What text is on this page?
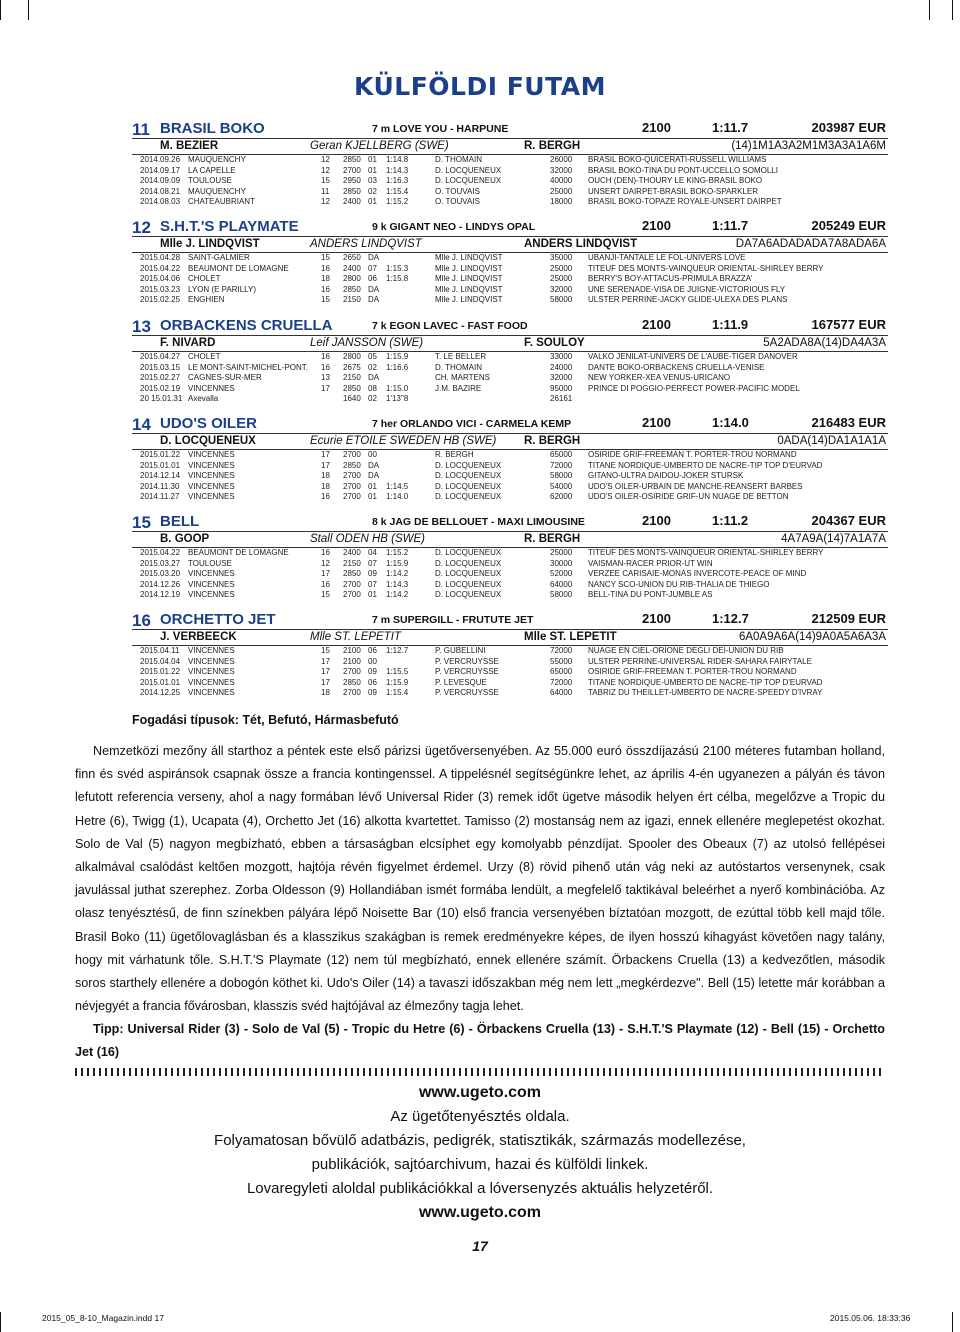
KÜLFÖLDI FUTAM
11 BRASIL BOKO	7 m LOVE YOU - HARPUNE	2100	1:11.7	203987 EUR
M. BEZIER	Geran KJELLBERG (SWE)	R. BERGH	(14)1M1A3A2M1M3A3A1A6M
2014.09.26 MAUQUENCHY	12 2850 01 1:14.8	D. THOMAIN	26000 BRASIL BOKO-QUICERATI-RUSSELL WILLIAMS
2014.09.17 LA CAPELLE	12 2700 01 1:14.3	D. LOCQUENEUX	32000 BRASIL BOKO-TINA DU PONT-UCCELLO SOMOLLI
2014.09.09 TOULOUSE	15 2950 03 1:16.3	D. LOCQUENEUX	40000 OUCH (DEN)-THOURY LE KING-BRASIL BOKO
2014.08.21 MAUQUENCHY	11 2850 02 1:15.4	O. TOUVAIS	25000 UNSERT DAIRPET-BRASIL BOKO-SPARKLER
2014.08.03 CHATEAUBRIANT	12 2400 01 1:15.2	O. TOUVAIS	18000 BRASIL BOKO-TOPAZE ROYALE-UNSERT DAIRPET
12 S.H.T.'S PLAYMATE	9 k GIGANT NEO - LINDYS OPAL	2100	1:11.7	205249 EUR
Mlle J. LINDQVIST	ANDERS LINDQVIST	ANDERS LINDQVIST	DA7A6ADADADA7A8ADA6A
2015.04.28 SAINT-GALMIER	15 2650 DA	Mlle J. LINDQVIST	35000 UBANJI-TANTALE LE FOL-UNIVERS LOVE
2015.04.22 BEAUMONT DE LOMAGNE	16 2400 07 1:15.3	Mlle J. LINDQVIST	25000 TITEUF DES MONTS-VAINQUEUR ORIENTAL-SHIRLEY BERRY
2015.04.06 CHOLET	18 2800 06 1:15.8	Mlle J. LINDQVIST	25000 BERRY'S BOY-ATTACUS-PRIMULA BRAZZA'
2015.03.23 LYON (E PARILLY)	16 2850 DA	Mlle J. LINDQVIST	32000 UNE SERENADE-VISA DE JUIGNE-VICTORIOUS FLY
2015.02.25 ENGHIEN	15 2150 DA	Mlle J. LINDQVIST	58000 ULSTER PERRINE-JACKY GLIDE-ULEXA DES PLANS
13 ORBACKENS CRUELLA	7 k EGON LAVEC - FAST FOOD	2100	1:11.9	167577 EUR
F. NIVARD	Leif JANSSON (SWE)	F. SOULOY	5A2ADA8A(14)DA4A3A
2015.04.27 CHOLET	16 2800 05 1:15.9	T. LE BELLER	33000 VALKO JENILAT-UNIVERS DE L'AUBE-TIGER DANOVER
2015.03.15 LE MONT-SAINT-MICHEL-PONT. 16 2675 02 1:16.6	D. THOMAIN	24000 DANTE BOKO-ORBACKENS CRUELLA-VENISE
2015.02.27 CAGNES-SUR-MER	13 2150 DA	CH. MARTENS	32000 NEW YORKER-XEA VENUS-URICANO
2015.02.19 VINCENNES	17 2850 08 1:15.0	J.M. BAZIRE	95000 PRINCE DI POGGIO-PERFECT POWER-PACIFIC MODEL
20 15.01.31 Axevalla	1640 02 1'13''8	26161
14 UDO'S OILER	7 her ORLANDO VICI - CARMELA KEMP	2100	1:14.0	216483 EUR
D. LOCQUENEUX	Ecurie ETOILE SWEDEN HB (SWE) R. BERGH	0ADA(14)DA1A1A1A
2015.01.22 VINCENNES	17 2700 00	R. BERGH	65000 OSIRIDE GRIF-FREEMAN T. PORTER-TROU NORMAND
2015.01.01 VINCENNES	17 2850 DA	D. LOCQUENEUX	72000 TITANE NORDIQUE-UMBERTO DE NACRE-TIP TOP D'EURVAD
2014.12.14 VINCENNES	18 2700 DA	D. LOCQUENEUX	58000 GITANO-ULTRA DAIDOU-JOKER STURSK
2014.11.30 VINCENNES	18 2700 01 1:14.5	D. LOCQUENEUX	54000 UDO'S OILER-URBAIN DE MANCHE-REANSERT BARBES
2014.11.27 VINCENNES	16 2700 01 1:14.0	D. LOCQUENEUX	62000 UDO'S OILER-OSIRIDE GRIF-UN NUAGE DE BETTON
15 BELL	8 k JAG DE BELLOUET - MAXI LIMOUSINE	2100	1:11.2	204367 EUR
B. GOOP	Stall ODEN HB (SWE)	R. BERGH	4A7A9A(14)7A1A7A
2015.04.22 BEAUMONT DE LOMAGNE	16 2400 04 1:15.2	D. LOCQUENEUX	25000 TITEUF DES MONTS-VAINQUEUR ORIENTAL-SHIRLEY BERRY
2015.03.27 TOULOUSE	12 2150 07 1:15.9	D. LOCQUENEUX	30000 VAISMAN-RACER PRIOR-UT WIN
2015.03.20 VINCENNES	17 2850 09 1:14.2	D. LOCQUENEUX	52000 VERZEE CARISAIE-MONAS INVERCOTE-PEACE OF MIND
2014.12.26 VINCENNES	16 2700 07 1:14.3	D. LOCQUENEUX	64000 NANCY SCO-UNION DU RIB-THALIA DE THIEGO
2014.12.19 VINCENNES	15 2700 01 1:14.2	D. LOCQUENEUX	58000 BELL-TINA DU PONT-JUMBLE AS
16 ORCHETTO JET	7 m SUPERGILL - FRUTUTE JET	2100	1:12.7	212509 EUR
J. VERBEECK	Mlle ST. LEPETIT	Mlle ST. LEPETIT	6A0A9A6A(14)9A0A5A6A3A
2015.04.11 VINCENNES	15 2100 06 1:12.7	P. GUBELLINI	72000 NUAGE EN CIEL-ORIONE DEGLI DEI-UNION DU RIB
2015.04.04 VINCENNES	17 2100 00	P. VERCRUYSSE	55000 ULSTER PERRINE-UNIVERSAL RIDER-SAHARA FAIRYTALE
2015.01.22 VINCENNES	17 2700 09 1:15.5	P. VERCRUYSSE	65000 OSIRIDE GRIF-FREEMAN T. PORTER-TROU NORMAND
2015.01.01 VINCENNES	17 2850 06 1:15.9	P. LEVESQUE	72000 TITANE NORDIQUE-UMBERTO DE NACRE-TIP TOP D'EURVAD
2014.12.25 VINCENNES	18 2700 09 1:15.4	P. VERCRUYSSE	64000 TABRIZ DU THEILLET-UMBERTO DE NACRE-SPEEDY D'IVRAY
Fogadási típusok: Tét, Befutó, Hármasbefutó

Nemzetközi mezőny áll starthoz a péntek este első párizsi ügetőversenyében. Az 55.000 euró összdíjazású 2100 méteres futamban holland, finn és svéd aspiránsok csapnak össze a francia kontingenssel. A tippelésnél segítségünkre lehet, az április 4-én ugyanezen a pályán és távon lefutott referencia verseny, ahol a nagy formában lévő Universal Rider (3) remek időt ügetve második helyen ért célba, megelőzve a Tropic du Hetre (6), Twigg (1), Ucapata (4), Orchetto Jet (16) alkotta kvartettet. Tamisso (2) mostanság nem az igazi, ennek ellenére meglepetést okozhat. Solo de Val (5) nagyon megbízható, ebben a társaságban elcsíphet egy komolyabb pénzdíjat. Spooler des Obeaux (7) az utolsó fellépései alkalmával csalódást keltően mozgott, hajtója révén figyelmet érdemel. Urzy (8) rövid pihenő után vág neki az autóstartos versenynek, csak javulással juthat szerephez. Zorba Oldesson (9) Hollandiában ismét formába lendült, a megfelelő taktikával beleérhet a nyerő kombinációba. Az olasz tenyésztésű, de finn színekben pályára lépő Noisette Bar (10) első francia versenyében bíztatóan mozgott, de ezúttal több kell majd tőle. Brasil Boko (11) ügetőlovaglásban és a klasszikus szakágban is remek eredményekre képes, de ilyen hosszú kihagyást követően nagy talány, hogy mit várhatunk tőle. S.H.T.'S Playmate (12) nem túl megbízható, ennek ellenére számít. Örbackens Cruella (13) a kedvezőtlen, második soros starthely ellenére a dobogón köthet ki. Udo's Oiler (14) a tavaszi időszakban még nem lett „megkérdezve". Bell (15) letette már korábban a névjegyét a francia fővárosban, klasszis svéd hajtójával az élmezőny tagja lehet.

Tipp: Universal Rider (3) - Solo de Val (5) - Tropic du Hetre (6) - Örbackens Cruella (13) - S.H.T.'S Playmate (12) - Bell (15) - Orchetto Jet (16)
www.ugeto.com
Az ügetőtenyésztés oldala.
Folyamatosan bővülő adatbázis, pedigrék, statisztikák, származás modellezése,
publikációk, sajtóarchivum, hazai és külföldi linkek.
Lovaregyleti aloldal publikációkkal a lóversenyzés aktuális helyzetéről.
www.ugeto.com
17
2015_05_8-10_Magazin.indd 17	2015.05.06. 18:33:36
